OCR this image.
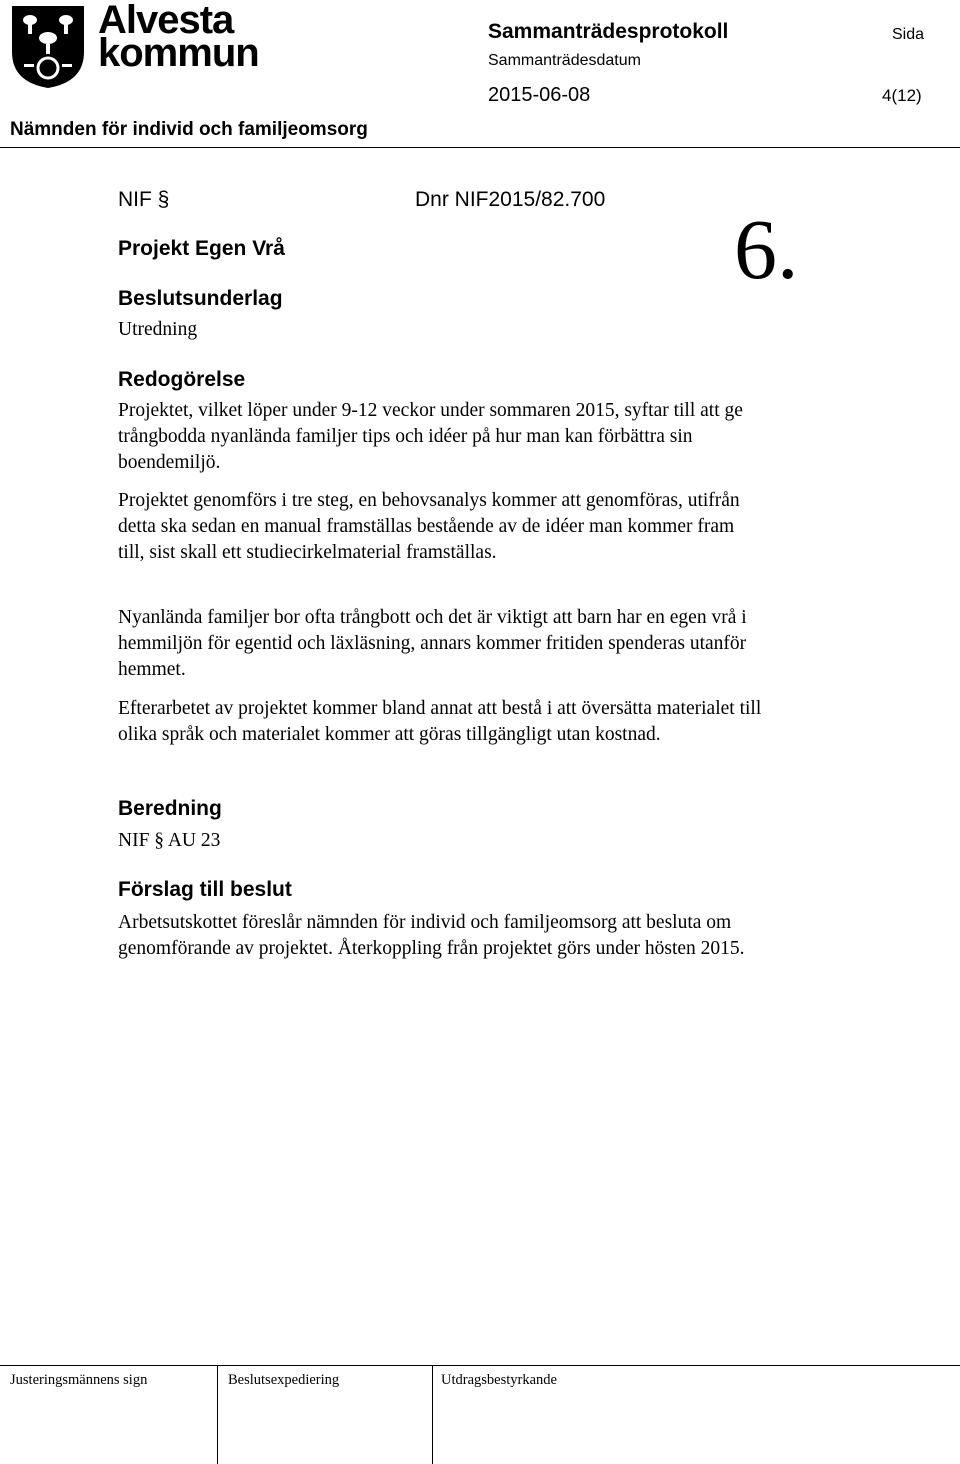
Alvesta
kommun	Sammanträdesprotokoll	Sida
Sammanträdesdatum
2015-06-08	4(12)
Nämnden för individ och familjeomsorg
NIF §	Dnr NIF2015/82.700
6.
Projekt Egen Vrå
Beslutsunderlag
Utredning
Redogörelse

Projektet, vilket löper under 9-12 veckor under sommaren 2015, syftar till att ge trångbodda nyanlända familjer tips och idéer på hur man kan förbättra sin boendemiljö.

Projektet genomförs i tre steg, en behovsanalys kommer att genomföras, utifrån detta ska sedan en manual framställas bestående av de idéer man kommer fram till, sist skall ett studiecirkelmaterial framställas.

Nyanlända familjer bor ofta trångbott och det är viktigt att barn har en egen vrå i hemmiljön för egentid och läxläsning, annars kommer fritiden spenderas utanför hemmet.

Efterarbetet av projektet kommer bland annat att bestå i att översätta materialet till olika språk och materialet kommer att göras tillgängligt utan kostnad.

Beredning
NIF § AU 23
Förslag till beslut

Arbetsutskottet föreslår nämnden för individ och familjeomsorg att besluta om genomförande av projektet. Återkoppling från projektet görs under hösten 2015.

Justeringsmännens sign	Beslutsexpediering	Utdragsbestyrkande
